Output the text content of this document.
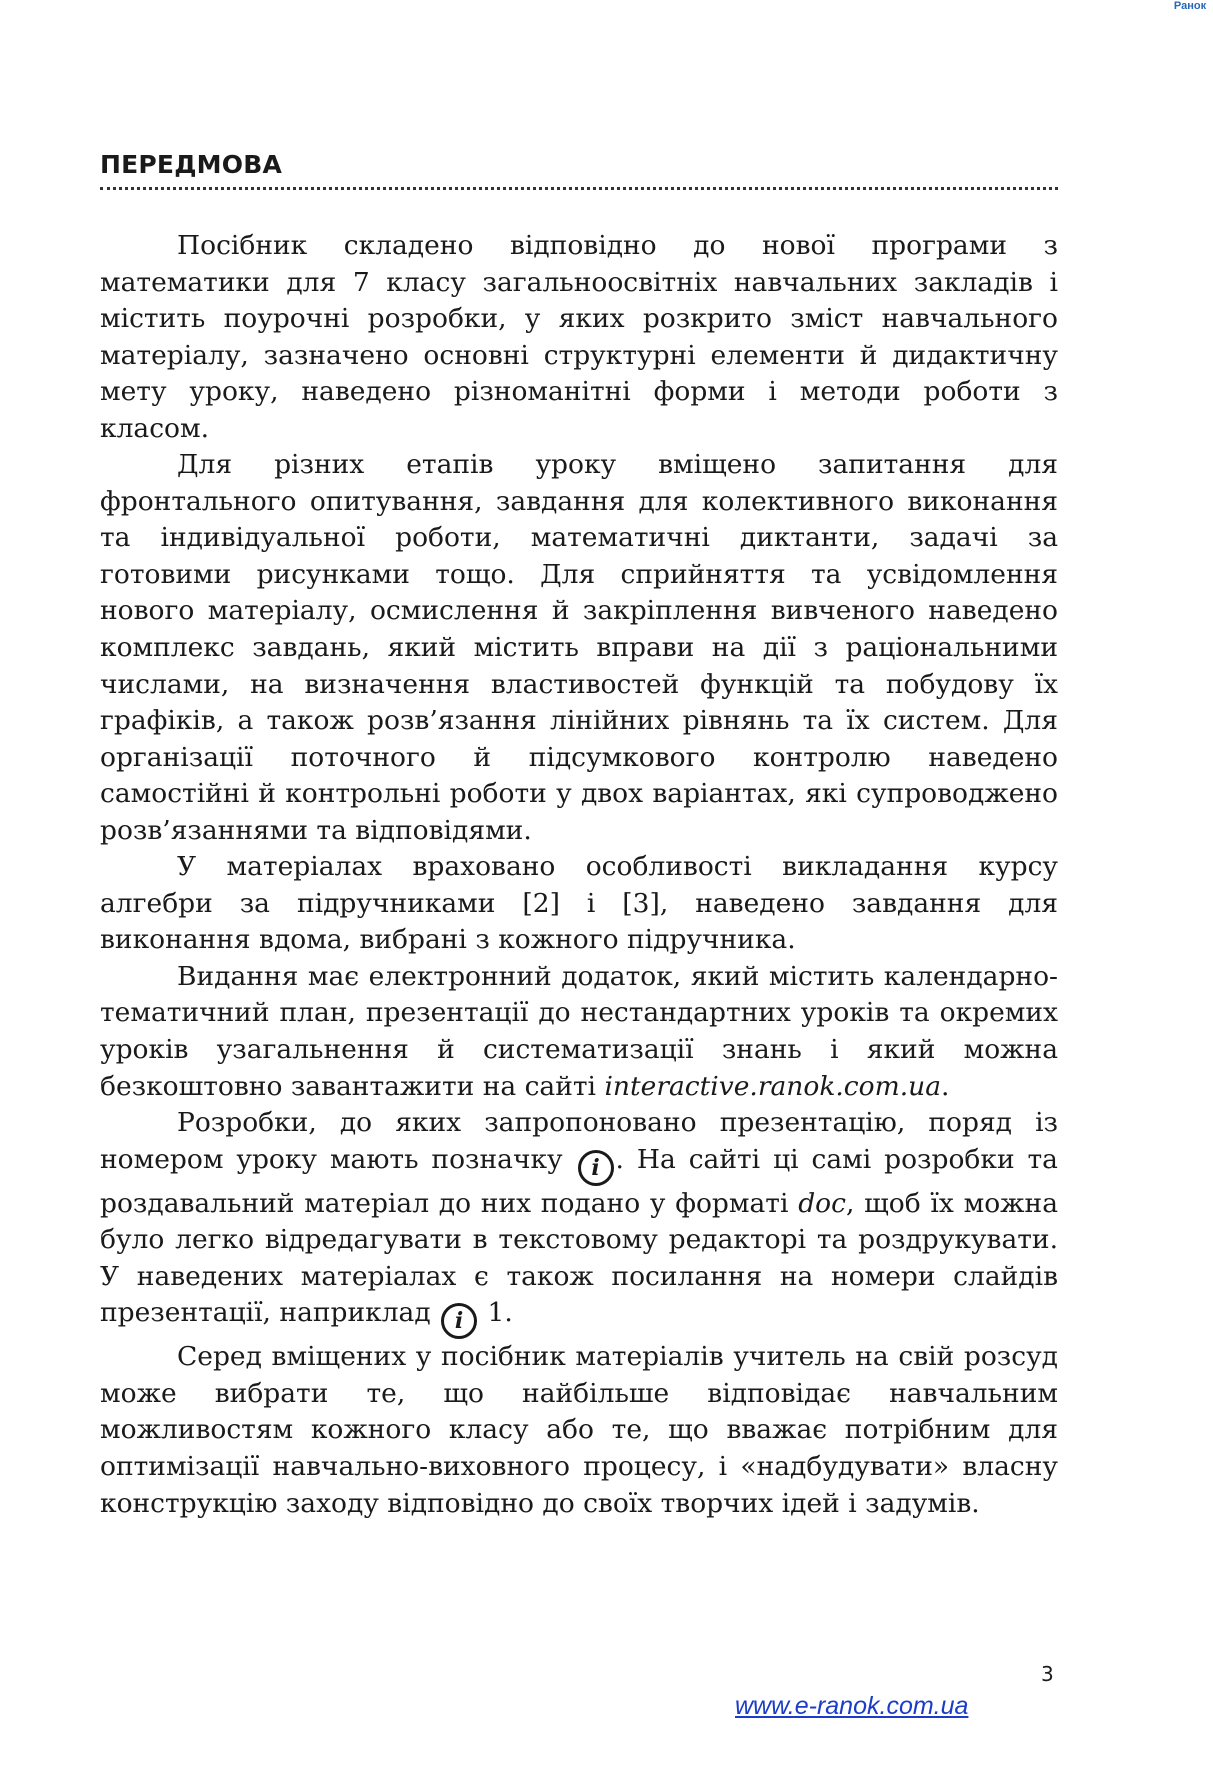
Ранок
ПЕРЕДМОВА

Посібник складено відповідно до нової програми з математики для 7 класу загальноосвітніх навчальних закладів і містить поурочні розробки, у яких розкрито зміст навчального матеріалу, зазначено основні структурні елементи й дидактичну мету уроку, наведено різноманітні форми і методи роботи з класом.

Для різних етапів уроку вміщено запитання для фронтального опитування, завдання для колективного виконання та індивідуальної роботи, математичні диктанти, задачі за готовими рисунками тощо. Для сприйняття та усвідомлення нового матеріалу, осмислення й закріплення вивченого наведено комплекс завдань, який містить вправи на дії з раціональними числами, на визначення властивостей функцій та побудову їх графіків, а також розв’язання лінійних рівнянь та їх систем. Для організації поточного й підсумкового контролю наведено самостійні й контрольні роботи у двох варіантах, які супроводжено розв’язаннями та відповідями.

У матеріалах враховано особливості викладання курсу алгебри за підручниками [2] і [3], наведено завдання для виконання вдома, вибрані з кожного підручника.

Видання має електронний додаток, який містить календарно-тематичний план, презентації до нестандартних уроків та окремих уроків узагальнення й систематизації знань і який можна безкоштовно завантажити на сайті interactive.ranok.com.ua.

Розробки, до яких запропоновано презентацію, поряд із номером уроку мають позначку i . На сайті ці самі розробки та роздавальний матеріал до них подано у форматі doc, щоб їх можна було легко відредагувати в текстовому редакторі та роздрукувати. У наведених матеріалах є також посилання на номери слайдів презентації, наприклад i 1.

Серед вміщених у посібник матеріалів учитель на свій розсуд може вибрати те, що найбільше відповідає навчальним можливостям кожного класу або те, що вважає потрібним для оптимізації навчально-виховного процесу, і «надбудувати» власну конструкцію заходу відповідно до своїх творчих ідей і задумів.

3
www.e-ranok.com.ua
